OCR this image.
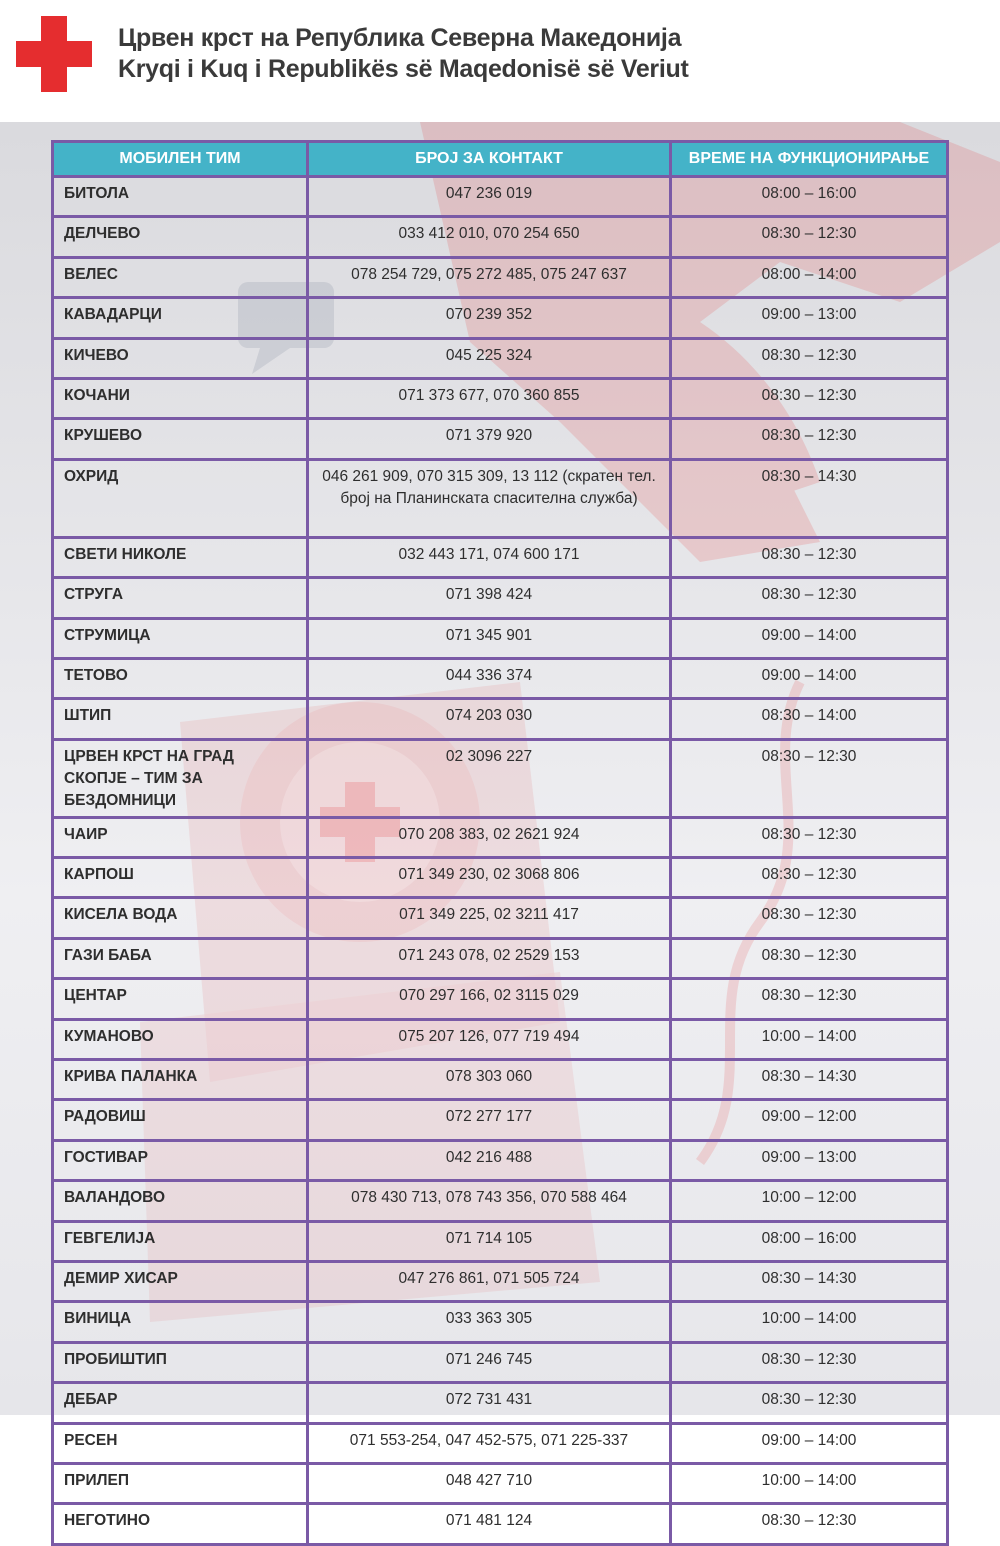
Црвен крст на Република Северна Македонија
Kryqi i Kuq i Republikës së Maqedonisë së Veriut
МОБИЛЕН ТИМ	БРОЈ ЗА КОНТАКТ	ВРЕМЕ НА ФУНКЦИОНИРАЊЕ
БИТОЛА	047 236 019	08:00 – 16:00
ДЕЛЧЕВО	033 412 010, 070 254 650	08:30 – 12:30
ВЕЛЕС	078 254 729, 075 272 485, 075 247 637	08:00 – 14:00
КАВАДАРЦИ	070 239 352	09:00 – 13:00
КИЧЕВО	045 225 324	08:30 – 12:30
КОЧАНИ	071 373 677, 070 360 855	08:30 – 12:30
КРУШЕВО	071 379 920	08:30 – 12:30
ОХРИД	046 261 909, 070 315 309, 13 112 (скратен тел. број на Планинската спасителна служба)	08:30 – 14:30
СВЕТИ НИКОЛЕ	032 443 171, 074 600 171	08:30 – 12:30
СТРУГА	071 398 424	08:30 – 12:30
СТРУМИЦА	071 345 901	09:00 – 14:00
ТЕТОВО	044 336 374	09:00 – 14:00
ШТИП	074 203 030	08:30 – 14:00
ЦРВЕН КРСТ НА ГРАД СКОПЈЕ – ТИМ ЗА БЕЗДОМНИЦИ	02 3096 227	08:30 – 12:30
ЧАИР	070 208 383, 02 2621 924	08:30 – 12:30
КАРПОШ	071 349 230, 02 3068 806	08:30 – 12:30
КИСЕЛА ВОДА	071 349 225, 02 3211 417	08:30 – 12:30
ГАЗИ БАБА	071 243 078, 02 2529 153	08:30 – 12:30
ЦЕНТАР	070 297 166, 02 3115 029	08:30 – 12:30
КУМАНОВО	075 207 126, 077 719 494	10:00 – 14:00
КРИВА ПАЛАНКА	078 303 060	08:30 – 14:30
РАДОВИШ	072 277 177	09:00 – 12:00
ГОСТИВАР	042 216 488	09:00 – 13:00
ВАЛАНДОВО	078 430 713, 078 743 356, 070 588 464	10:00 – 12:00
ГЕВГЕЛИЈА	071 714 105	08:00 – 16:00
ДЕМИР ХИСАР	047 276 861, 071 505 724	08:30 – 14:30
ВИНИЦА	033 363 305	10:00 – 14:00
ПРОБИШТИП	071 246 745	08:30 – 12:30
ДЕБАР	072 731 431	08:30 – 12:30
РЕСЕН	071 553-254, 047 452-575, 071 225-337	09:00 – 14:00
ПРИЛЕП	048 427 710	10:00 – 14:00
НЕГОТИНО	071 481 124	08:30 – 12:30
